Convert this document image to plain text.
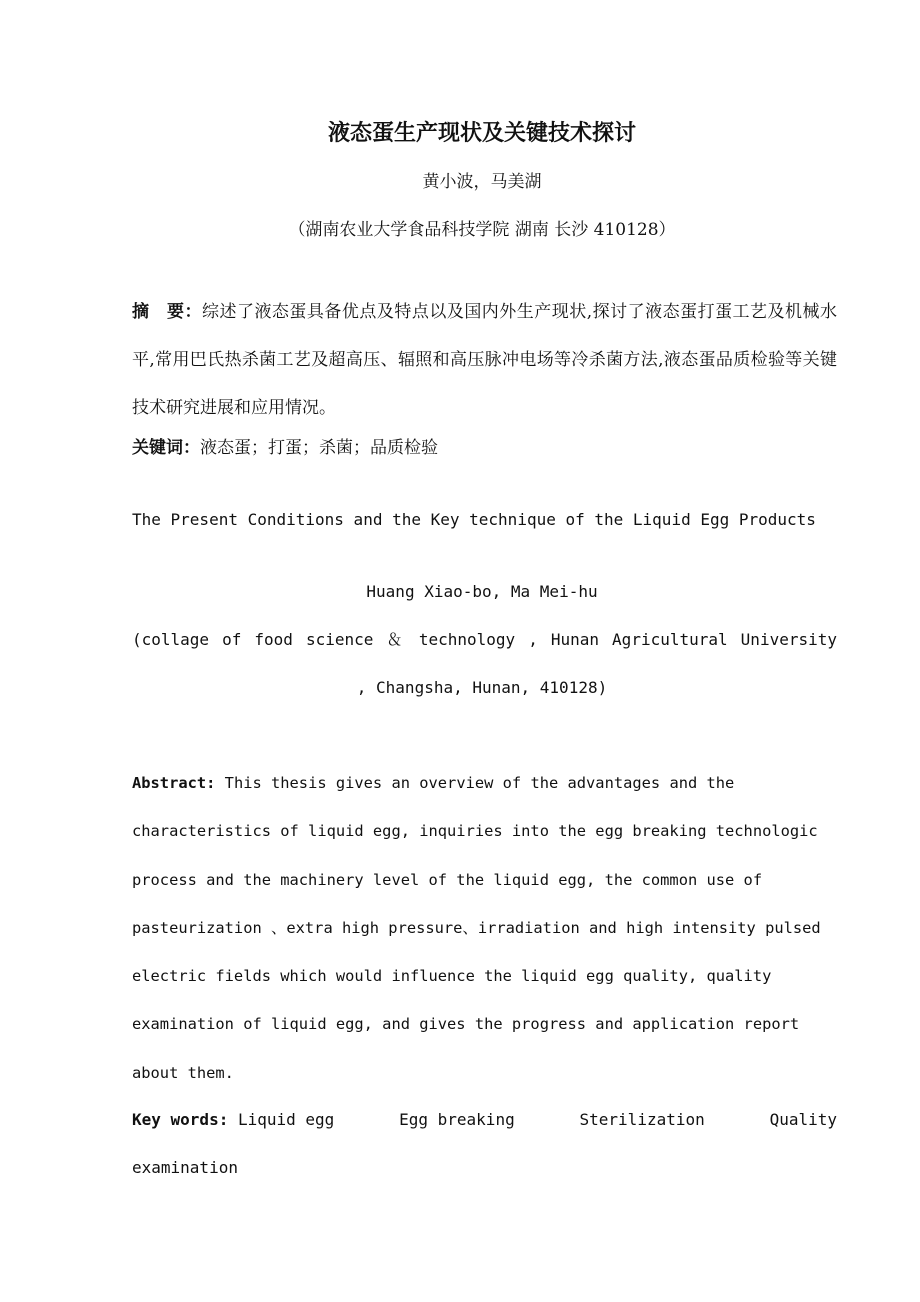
液态蛋生产现状及关键技术探讨
黄小波，马美湖
（湖南农业大学食品科技学院 湖南 长沙 410128）

摘　要：综述了液态蛋具备优点及特点以及国内外生产现状,探讨了液态蛋打蛋工艺及机械水平,常用巴氏热杀菌工艺及超高压、辐照和高压脉冲电场等冷杀菌方法,液态蛋品质检验等关键技术研究进展和应用情况。

关键词：液态蛋；打蛋；杀菌；品质检验

The Present Conditions and the Key technique of the Liquid Egg Products
Huang Xiao-bo, Ma Mei-hu
(collage of food science ＆ technology , Hunan Agricultural University
, Changsha, Hunan, 410128)
Abstract: This thesis gives an overview of the advantages and the
characteristics of liquid egg, inquiries into the egg breaking technologic
process and the machinery level of the liquid egg, the common use of
pasteurization 、extra high pressure、irradiation and high intensity pulsed
electric fields which would influence the liquid egg quality, quality
examination of liquid egg, and gives the progress and application report
about them.
Key words: Liquid egg	Egg breaking	Sterilization	Quality
examination
